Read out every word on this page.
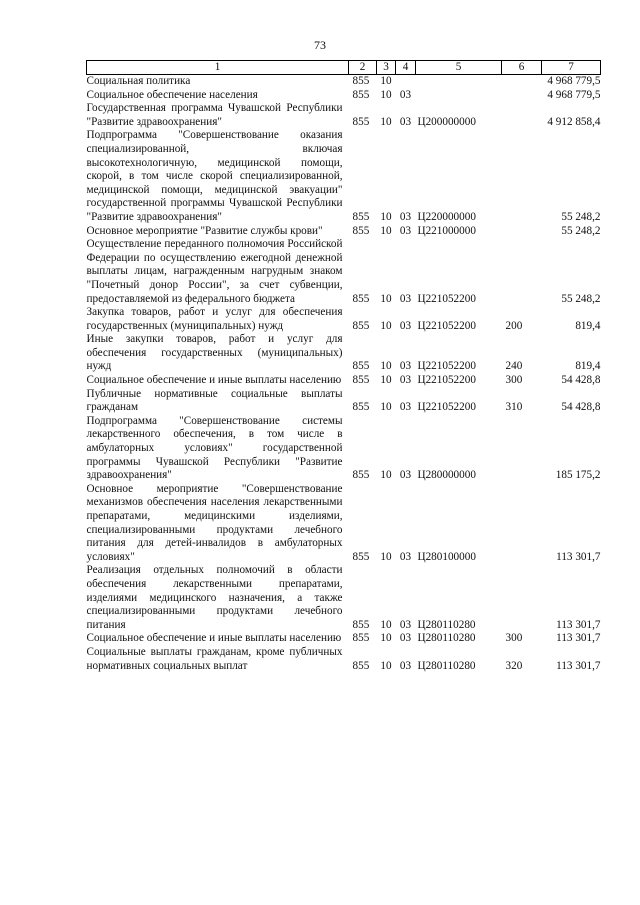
73
1	2	3	4	5	6	7
Социальная политика	855	10				4 968 779,5
Социальное обеспечение населения	855	10	03			4 968 779,5
Государственная программа Чувашской Республики "Развитие здравоохранения"	855	10	03	Ц200000000		4 912 858,4
Подпрограмма "Совершенствование оказания специализированной, включая высокотехнологичную, медицинской помощи, скорой, в том числе скорой специализированной, медицинской помощи, медицинской эвакуации" государственной программы Чувашской Республики "Развитие здравоохранения"	855	10	03	Ц220000000		55 248,2
Основное мероприятие "Развитие службы крови"	855	10	03	Ц221000000		55 248,2
Осуществление переданного полномочия Российской Федерации по осуществлению ежегодной денежной выплаты лицам, награжденным нагрудным знаком "Почетный донор России", за счет субвенции, предоставляемой из федерального бюджета	855	10	03	Ц221052200		55 248,2
Закупка товаров, работ и услуг для обеспечения государственных (муниципальных) нужд	855	10	03	Ц221052200	200	819,4
Иные закупки товаров, работ и услуг для обеспечения государственных (муниципальных) нужд	855	10	03	Ц221052200	240	819,4
Социальное обеспечение и иные выплаты населению	855	10	03	Ц221052200	300	54 428,8
Публичные нормативные социальные выплаты гражданам	855	10	03	Ц221052200	310	54 428,8
Подпрограмма "Совершенствование системы лекарственного обеспечения, в том числе в амбулаторных условиях" государственной программы Чувашской Республики "Развитие здравоохранения"	855	10	03	Ц280000000		185 175,2
Основное мероприятие "Совершенствование механизмов обеспечения населения лекарственными препаратами, медицинскими изделиями, специализированными продуктами лечебного питания для детей-инвалидов в амбулаторных условиях"	855	10	03	Ц280100000		113 301,7
Реализация отдельных полномочий в области обеспечения лекарственными препаратами, изделиями медицинского назначения, а также специализированными продуктами лечебного питания	855	10	03	Ц280110280		113 301,7
Социальное обеспечение и иные выплаты населению	855	10	03	Ц280110280	300	113 301,7
Социальные выплаты гражданам, кроме публичных нормативных социальных выплат	855	10	03	Ц280110280	320	113 301,7
